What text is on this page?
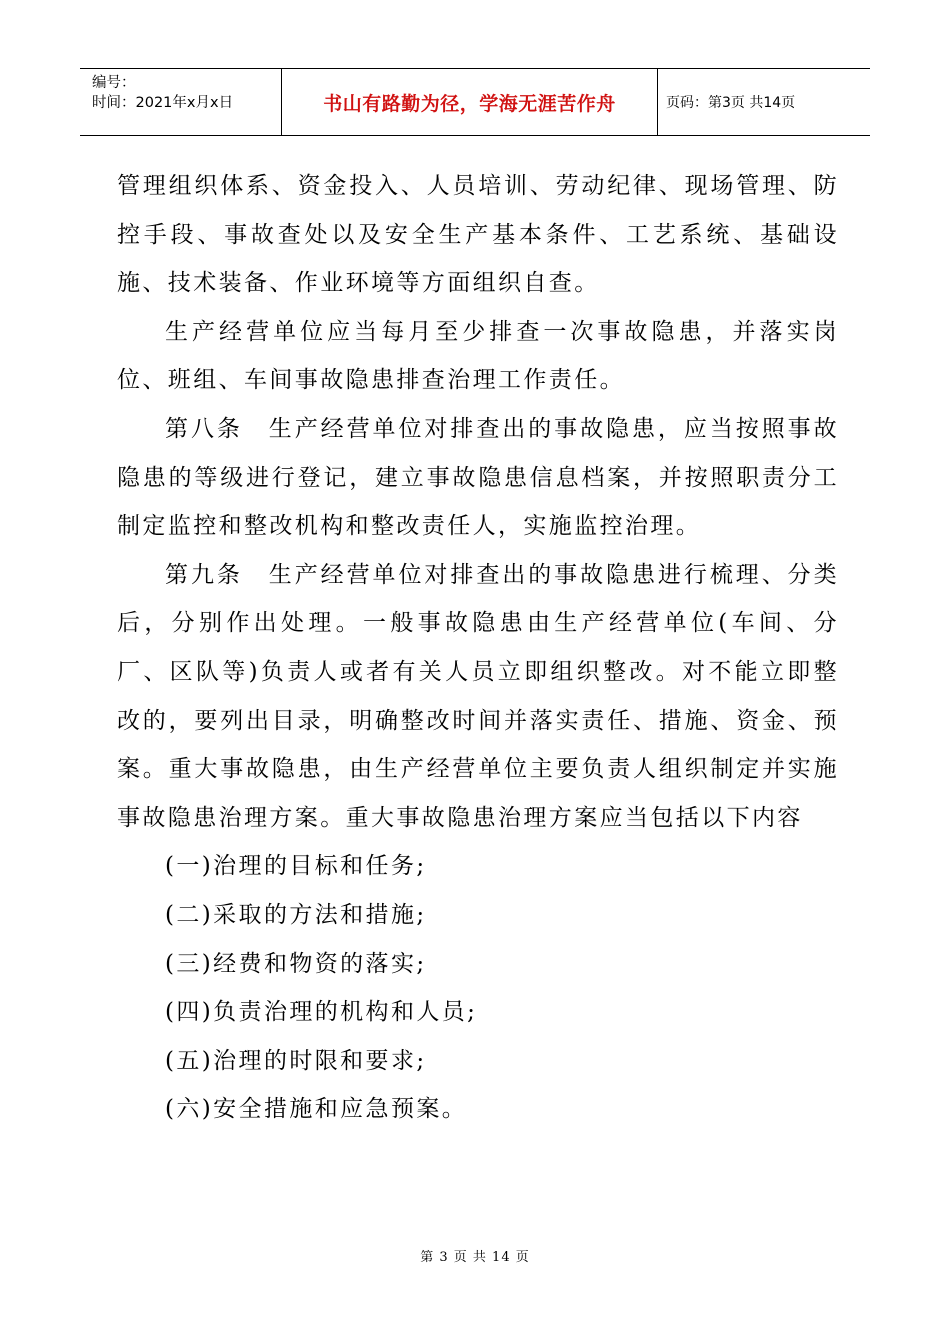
编号：
时间：2021年x月x日	书山有路勤为径，学海无涯苦作舟	页码：第3页 共14页

管理组织体系、资金投入、人员培训、劳动纪律、现场管理、防控手段、事故查处以及安全生产基本条件、工艺系统、基础设施、技术装备、作业环境等方面组织自查。

生产经营单位应当每月至少排查一次事故隐患，并落实岗位、班组、车间事故隐患排查治理工作责任。

第八条　生产经营单位对排查出的事故隐患，应当按照事故隐患的等级进行登记，建立事故隐患信息档案，并按照职责分工制定监控和整改机构和整改责任人，实施监控治理。

第九条　生产经营单位对排查出的事故隐患进行梳理、分类后，分别作出处理。一般事故隐患由生产经营单位(车间、分厂、区队等)负责人或者有关人员立即组织整改。对不能立即整改的，要列出目录，明确整改时间并落实责任、措施、资金、预案。重大事故隐患，由生产经营单位主要负责人组织制定并实施事故隐患治理方案。重大事故隐患治理方案应当包括以下内容

(一)治理的目标和任务;

(二)采取的方法和措施;

(三)经费和物资的落实;

(四)负责治理的机构和人员;

(五)治理的时限和要求;

(六)安全措施和应急预案。

第 3 页 共 14 页
